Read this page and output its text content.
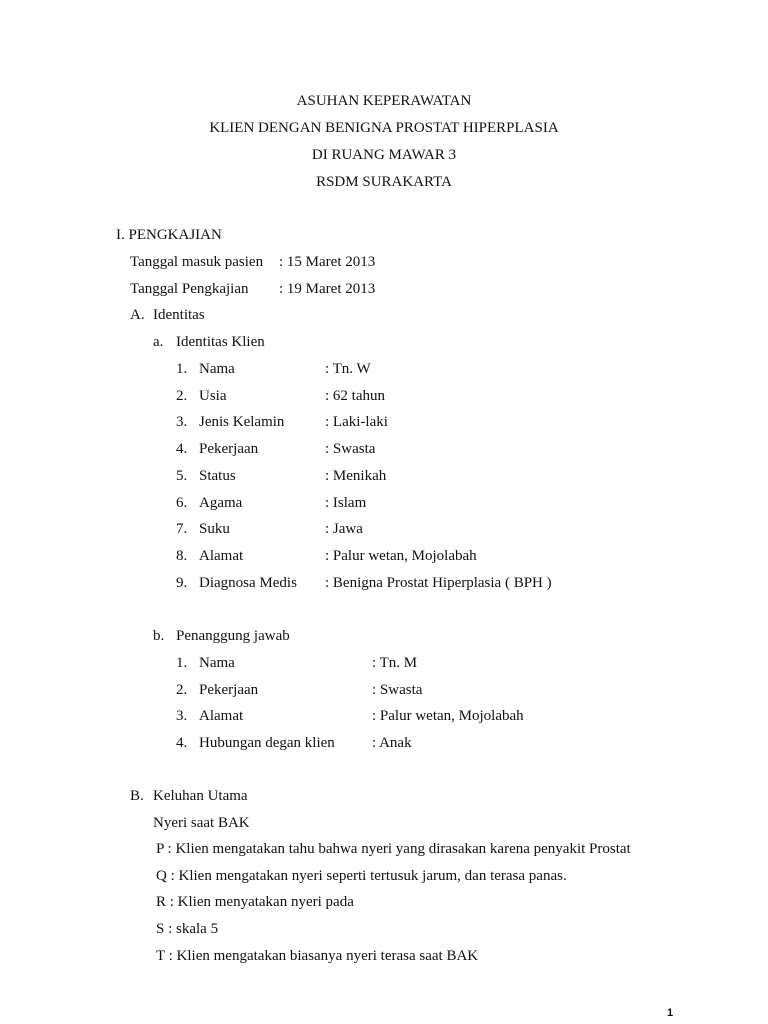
ASUHAN KEPERAWATAN
KLIEN DENGAN BENIGNA PROSTAT HIPERPLASIA
DI RUANG MAWAR 3
RSDM SURAKARTA
I. PENGKAJIAN
Tanggal masuk pasien : 15 Maret 2013
Tanggal Pengkajian : 19 Maret 2013
A. Identitas
a. Identitas Klien
1. Nama	: Tn. W
2. Usia	: 62 tahun
3. Jenis Kelamin	: Laki-laki
4. Pekerjaan	: Swasta
5. Status	: Menikah
6. Agama	: Islam
7. Suku	: Jawa
8. Alamat	: Palur wetan, Mojolabah
9. Diagnosa Medis : Benigna Prostat Hiperplasia ( BPH )
b. Penanggung jawab
1. Nama	: Tn. M
2. Pekerjaan	: Swasta
3. Alamat	: Palur wetan, Mojolabah
4. Hubungan degan klien : Anak
B. Keluhan Utama
Nyeri saat BAK
P : Klien mengatakan tahu bahwa nyeri yang dirasakan karena penyakit Prostat
Q : Klien mengatakan nyeri seperti tertusuk jarum, dan terasa panas.
R : Klien menyatakan nyeri pada
S : skala 5
T : Klien mengatakan biasanya nyeri terasa saat BAK
1
